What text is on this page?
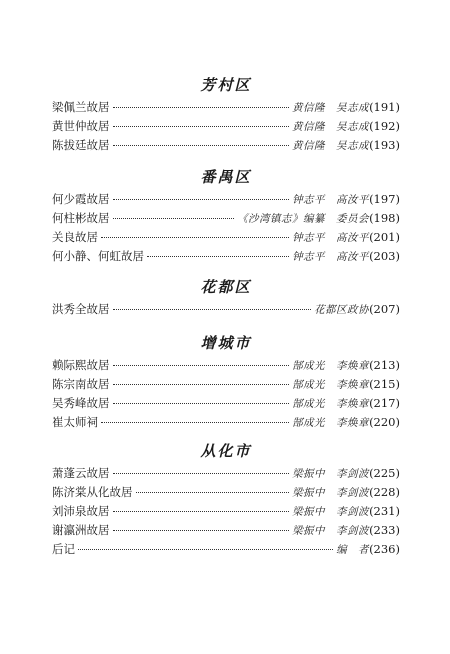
芳村区
梁佩兰故居	黄信隆　吴志成 (191)
黄世仲故居	黄信隆　吴志成 (192)
陈拔廷故居	黄信隆　吴志成 (193)
番禺区
何少霞故居	钟志平　高汝平 (197)
何柱彬故居	《沙湾镇志》编纂　委员会 (198)
关良故居	钟志平　高汝平 (201)
何小静、何虹故居	钟志平　高汝平 (203)
花都区
洪秀全故居	花都区政协 (207)
增城市
赖际熙故居	郜成光　李焕章 (213)
陈宗南故居	郜成光　李焕章 (215)
吴秀峰故居	郜成光　李焕章 (217)
崔太师祠	郜成光　李焕章 (220)
从化市
萧蓬云故居	梁振中　李剑波 (225)
陈济棠从化故居	梁振中　李剑波 (228)
刘沛泉故居	梁振中　李剑波 (231)
谢瀛洲故居	梁振中　李剑波 (233)
后记	编　者 (236)
